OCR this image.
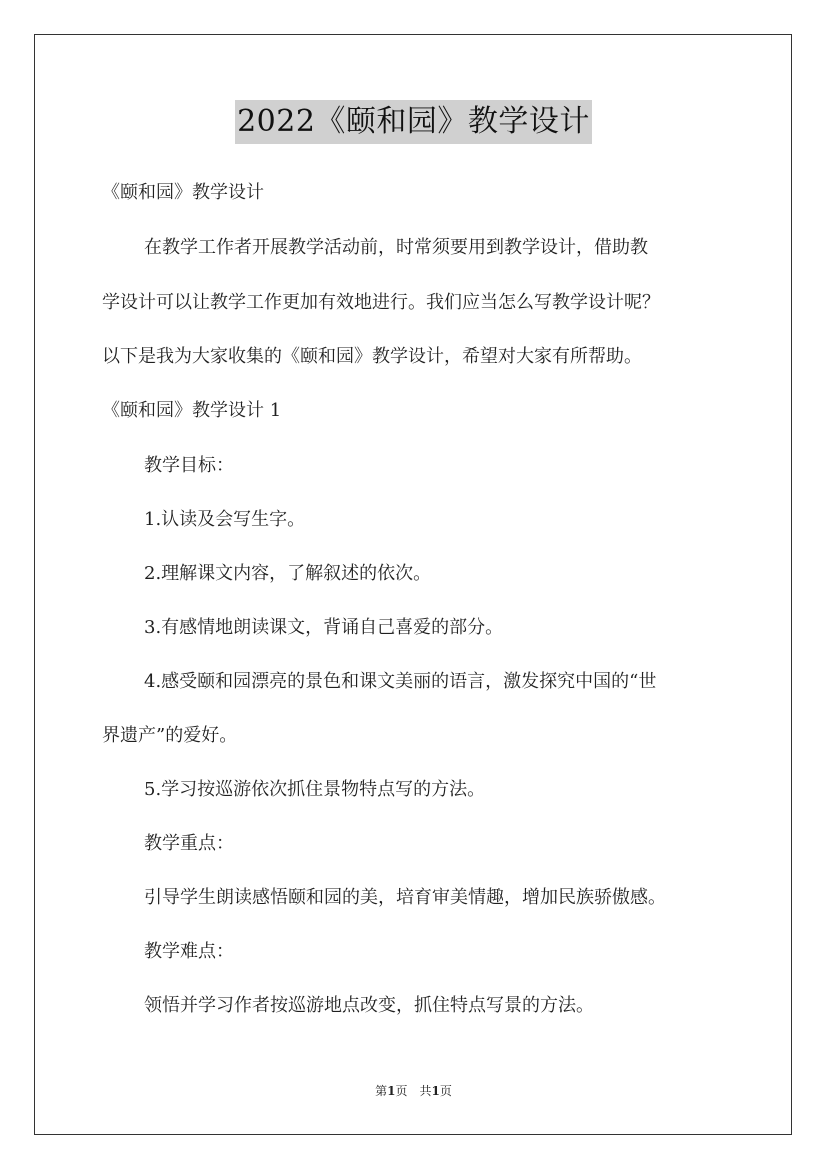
2022《颐和园》教学设计
《颐和园》教学设计
在教学工作者开展教学活动前，时常须要用到教学设计，借助教
学设计可以让教学工作更加有效地进行。我们应当怎么写教学设计呢？
以下是我为大家收集的《颐和园》教学设计，希望对大家有所帮助。
《颐和园》教学设计 1
教学目标：
1.认读及会写生字。
2.理解课文内容，了解叙述的依次。
3.有感情地朗读课文，背诵自己喜爱的部分。
4.感受颐和园漂亮的景色和课文美丽的语言，激发探究中国的“世
界遗产”的爱好。
5.学习按巡游依次抓住景物特点写的方法。
教学重点：
引导学生朗读感悟颐和园的美，培育审美情趣，增加民族骄傲感。
教学难点：
领悟并学习作者按巡游地点改变，抓住特点写景的方法。
第1页　共1页
